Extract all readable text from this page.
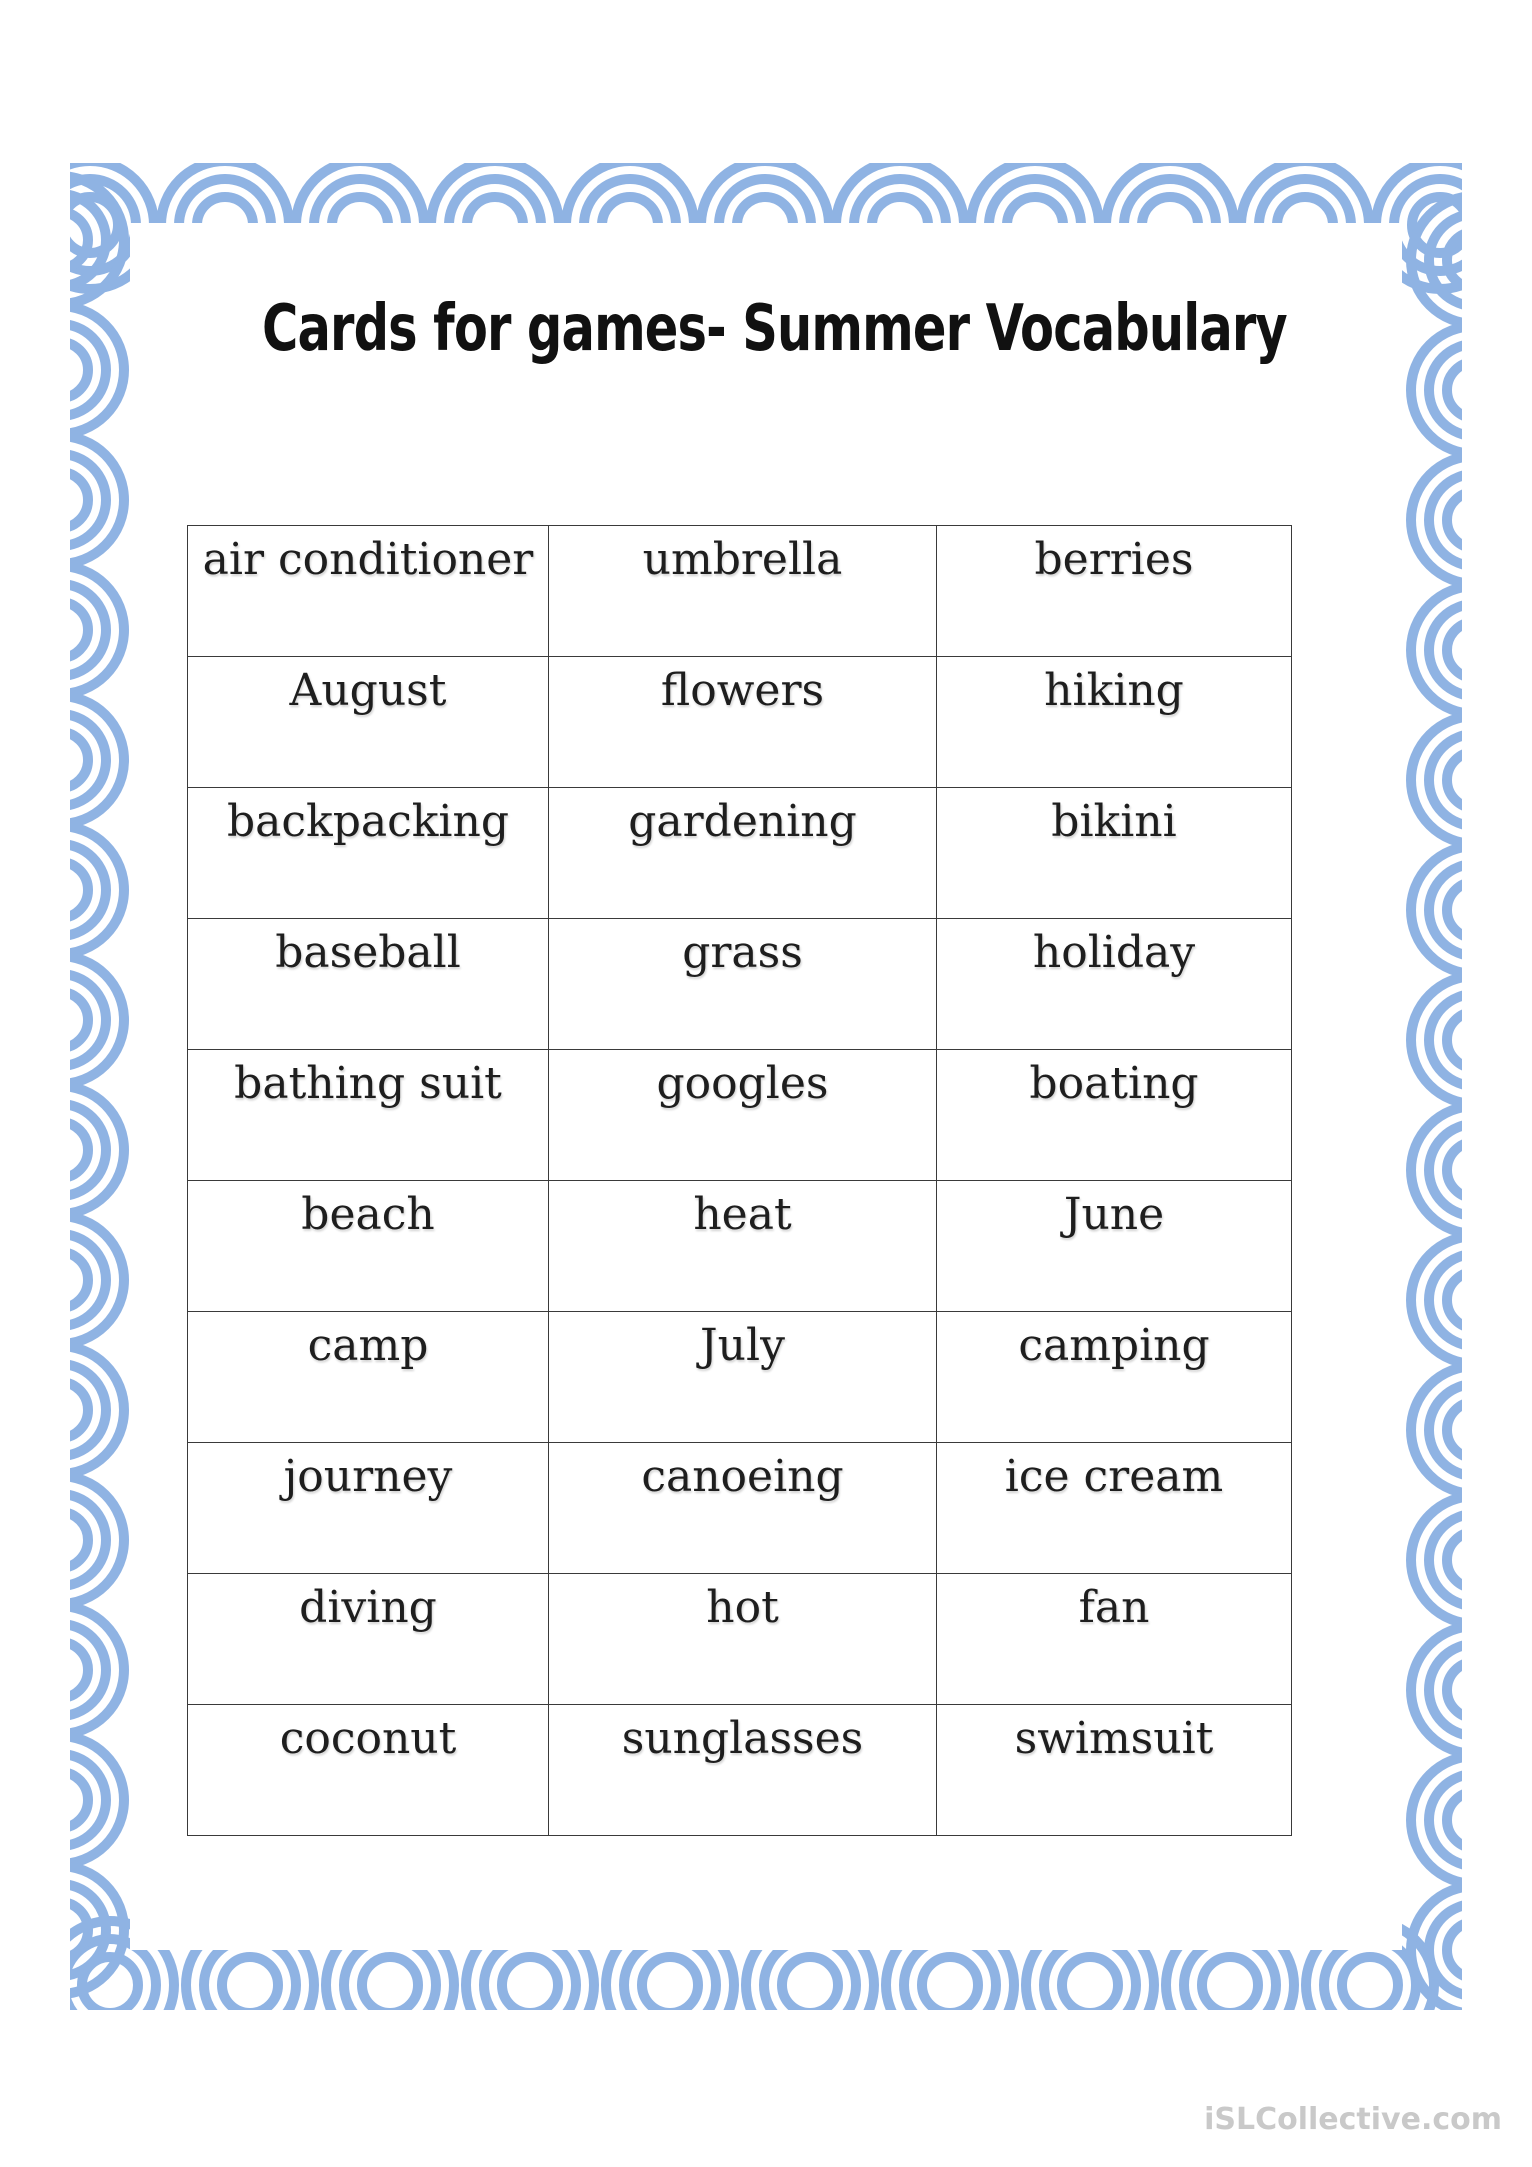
Cards for games- Summer Vocabulary
air conditioner	umbrella	berries

August	flowers	hiking

backpacking	gardening	bikini

baseball	grass	holiday

bathing suit	googles	boating

beach	heat	June

camp	July	camping

journey	canoeing	ice cream

diving	hot	fan

coconut	sunglasses	swimsuit
iSLCollective.com
